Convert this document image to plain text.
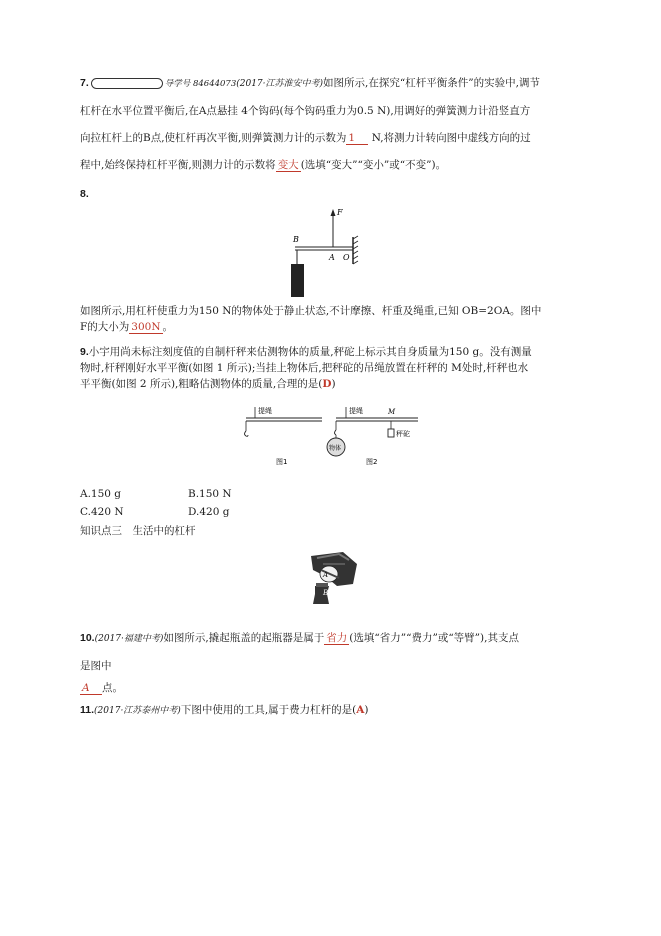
7.	导学号 84644073(2017·江苏淮安中考)如图所示,在探究“杠杆平衡条件”的实验中,调节
杠杆在水平位置平衡后,在A点悬挂 4个钩码(每个钩码重力为0.5 N),用调好的弹簧测力计沿竖直方
向拉杠杆上的B点,使杠杆再次平衡,则弹簧测力计的示数为 1 N,将测力计转向图中虚线方向的过
程中,始终保持杠杆平衡,则测力计的示数将 变大 (选填“变大”“变小”或“不变”)。
8.
F
B
A O
如图所示,用杠杆使重力为150 N的物体处于静止状态,不计摩擦、杆重及绳重,已知 OB=2OA。图中
F的大小为 300N 。
9.小宇用尚未标注刻度值的自制杆秤来估测物体的质量,秤砣上标示其自身质量为150 g。没有测量
物时,杆秤刚好水平平衡(如图 1 所示);当挂上物体后,把秤砣的吊绳放置在杆秤的 M处时,杆秤也水
平平衡(如图 2 所示),粗略估测物体的质量,合理的是(D)
提绳
图1
物体
提绳	M
秤砣
图2
A.150 g	B.150 N
C.420 N	D.420 g
知识点三　生活中的杠杆
A
B
10.(2017·福建中考)如图所示,撬起瓶盖的起瓶器是属于 省力 (选填“省力”“费力”或“等臂”),其支点
是图中
A 点。
11.(2017·江苏泰州中考)下图中使用的工具,属于费力杠杆的是(A)
